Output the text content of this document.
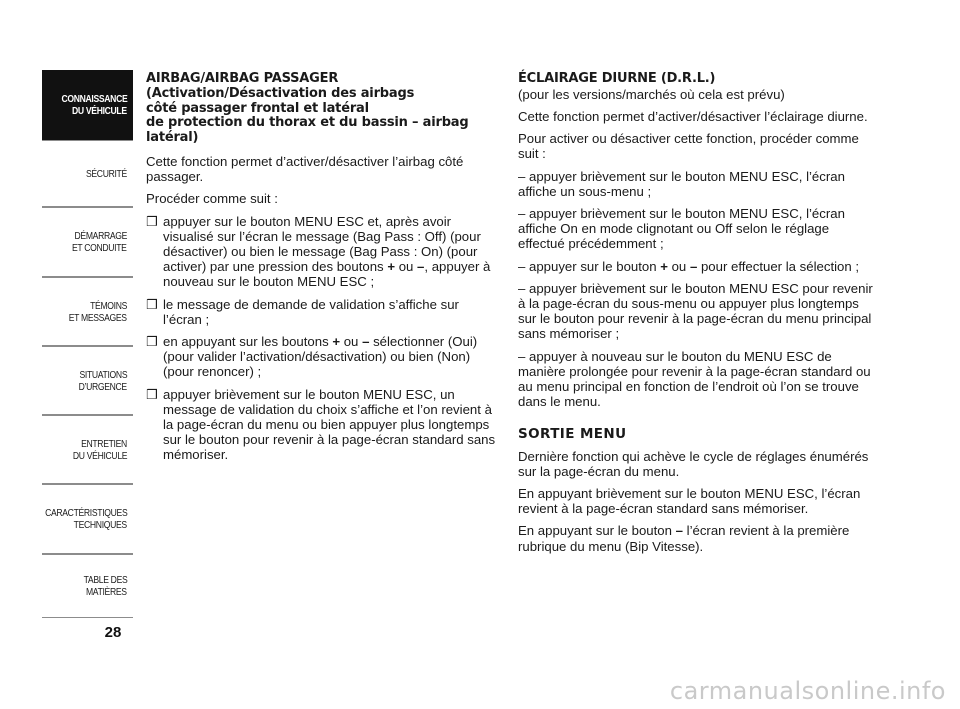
CONNAISSANCE
DU VÉHICULE
SÉCURITÉ
DÉMARRAGE
ET CONDUITE
TÉMOINS
ET MESSAGES
SITUATIONS
D’URGENCE
ENTRETIEN
DU VÉHICULE
CARACTÉRISTIQUES
TECHNIQUES
TABLE DES
MATIÈRES
28
AIRBAG/AIRBAG PASSAGER
(Activation/Désactivation des airbags
côté passager frontal et latéral
de protection du thorax et du bassin – airbag
latéral)

Cette fonction permet d’activer/désactiver l’airbag côté passager.

Procéder comme suit :

❒ appuyer sur le bouton MENU ESC et, après avoir visualisé sur l’écran le message (Bag Pass : Off) (pour désactiver) ou bien le message (Bag Pass : On) (pour activer) par une pression des boutons + ou –, appuyer à nouveau sur le bouton MENU ESC ;
❒ le message de demande de validation s’affiche sur l’écran ;
❒ en appuyant sur les boutons + ou – sélectionner (Oui) (pour valider l’activation/désactivation) ou bien (Non) (pour renoncer) ;
❒ appuyer brièvement sur le bouton MENU ESC, un message de validation du choix s’affiche et l’on revient à la page-écran du menu ou bien appuyer plus longtemps sur le bouton pour revenir à la page-écran standard sans mémoriser.
ÉCLAIRAGE DIURNE (D.R.L.)

(pour les versions/marchés où cela est prévu)

Cette fonction permet d’activer/désactiver l’éclairage diurne.

Pour activer ou désactiver cette fonction, procéder comme suit :

– appuyer brièvement sur le bouton MENU ESC, l’écran affiche un sous-menu ;

– appuyer brièvement sur le bouton MENU ESC, l’écran affiche On en mode clignotant ou Off selon le réglage effectué précédemment ;

– appuyer sur le bouton + ou – pour effectuer la sélection ;

– appuyer brièvement sur le bouton MENU ESC pour revenir à la page-écran du sous-menu ou appuyer plus longtemps sur le bouton pour revenir à la page-écran du menu principal sans mémoriser ;

– appuyer à nouveau sur le bouton du MENU ESC de manière prolongée pour revenir à la page-écran standard ou au menu principal en fonction de l’endroit où l’on se trouve dans le menu.

SORTIE MENU

Dernière fonction qui achève le cycle de réglages énumérés sur la page-écran du menu.

En appuyant brièvement sur le bouton MENU ESC, l’écran revient à la page-écran standard sans mémoriser.

En appuyant sur le bouton – l’écran revient à la première rubrique du menu (Bip Vitesse).

carmanualsonline.info
